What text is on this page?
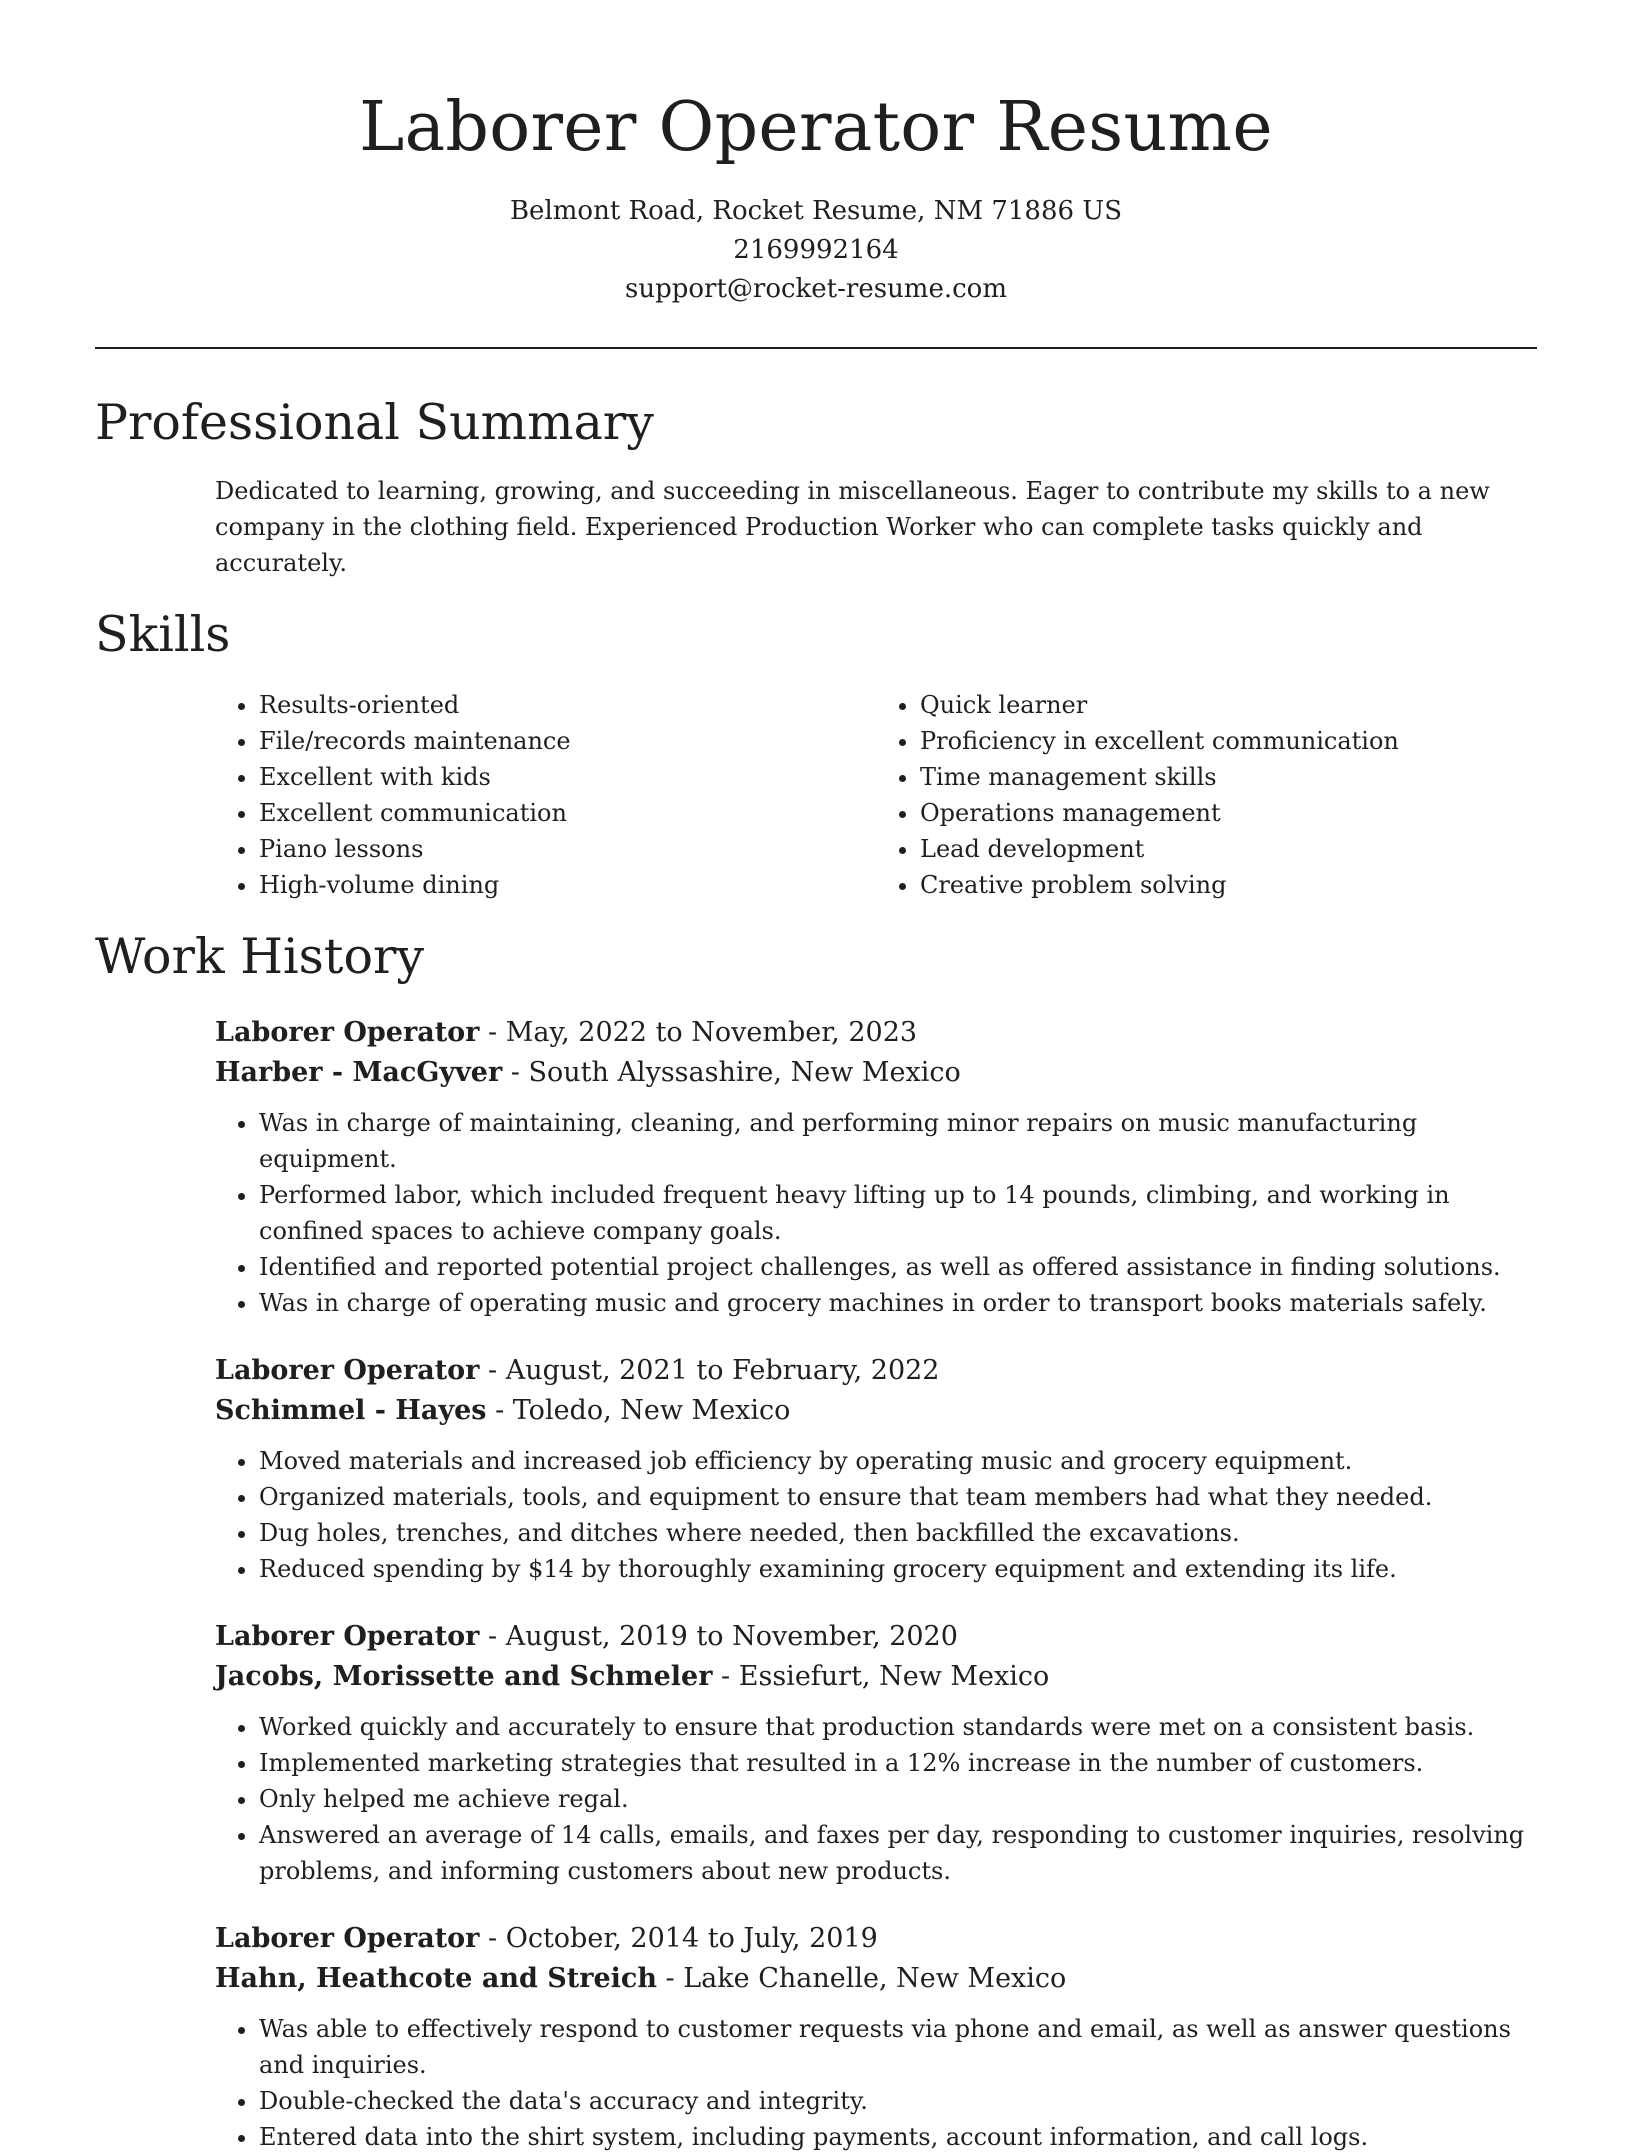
Laborer Operator Resume
Belmont Road, Rocket Resume, NM 71886 US
2169992164
support@rocket-resume.com
Professional Summary

Dedicated to learning, growing, and succeeding in miscellaneous. Eager to contribute my skills to a new company in the clothing field. Experienced Production Worker who can complete tasks quickly and accurately.

Skills
• Results-oriented
• File/records maintenance
• Excellent with kids
• Excellent communication
• Piano lessons
• High-volume dining
• Quick learner
• Proficiency in excellent communication
• Time management skills
• Operations management
• Lead development
• Creative problem solving
Work History
Laborer Operator - May, 2022 to November, 2023
Harber - MacGyver - South Alyssashire, New Mexico
• Was in charge of maintaining, cleaning, and performing minor repairs on music manufacturing equipment.
• Performed labor, which included frequent heavy lifting up to 14 pounds, climbing, and working in confined spaces to achieve company goals.
• Identified and reported potential project challenges, as well as offered assistance in finding solutions.
• Was in charge of operating music and grocery machines in order to transport books materials safely.
Laborer Operator - August, 2021 to February, 2022
Schimmel - Hayes - Toledo, New Mexico
• Moved materials and increased job efficiency by operating music and grocery equipment.
• Organized materials, tools, and equipment to ensure that team members had what they needed.
• Dug holes, trenches, and ditches where needed, then backfilled the excavations.
• Reduced spending by $14 by thoroughly examining grocery equipment and extending its life.
Laborer Operator - August, 2019 to November, 2020
Jacobs, Morissette and Schmeler - Essiefurt, New Mexico
• Worked quickly and accurately to ensure that production standards were met on a consistent basis.
• Implemented marketing strategies that resulted in a 12% increase in the number of customers.
• Only helped me achieve regal.
• Answered an average of 14 calls, emails, and faxes per day, responding to customer inquiries, resolving problems, and informing customers about new products.
Laborer Operator - October, 2014 to July, 2019
Hahn, Heathcote and Streich - Lake Chanelle, New Mexico
• Was able to effectively respond to customer requests via phone and email, as well as answer questions and inquiries.
• Double-checked the data's accuracy and integrity.
• Entered data into the shirt system, including payments, account information, and call logs.
